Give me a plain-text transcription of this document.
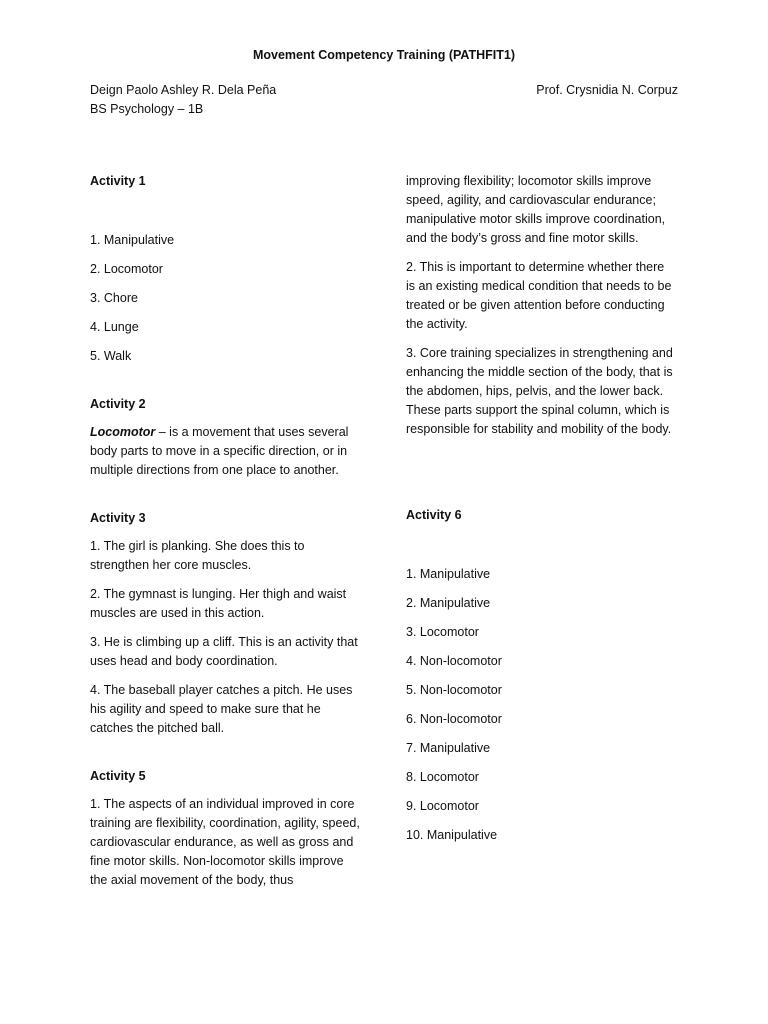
Movement Competency Training (PATHFIT1)
Deign Paolo Ashley R. Dela Peña
BS Psychology – 1B
Prof. Crysnidia N. Corpuz
Activity 1
1. Manipulative
2. Locomotor
3. Chore
4. Lunge
5. Walk
Activity 2

Locomotor – is a movement that uses several body parts to move in a specific direction, or in multiple directions from one place to another.

Activity 3

1. The girl is planking. She does this to strengthen her core muscles.

2. The gymnast is lunging. Her thigh and waist muscles are used in this action.

3. He is climbing up a cliff. This is an activity that uses head and body coordination.

4. The baseball player catches a pitch. He uses his agility and speed to make sure that he catches the pitched ball.

Activity 5

1. The aspects of an individual improved in core training are flexibility, coordination, agility, speed, cardiovascular endurance, as well as gross and fine motor skills. Non-locomotor skills improve the axial movement of the body, thus

improving flexibility; locomotor skills improve speed, agility, and cardiovascular endurance; manipulative motor skills improve coordination, and the body’s gross and fine motor skills.

2. This is important to determine whether there is an existing medical condition that needs to be treated or be given attention before conducting the activity.

3. Core training specializes in strengthening and enhancing the middle section of the body, that is the abdomen, hips, pelvis, and the lower back. These parts support the spinal column, which is responsible for stability and mobility of the body.

Activity 6
1. Manipulative
2. Manipulative
3. Locomotor
4. Non-locomotor
5. Non-locomotor
6. Non-locomotor
7. Manipulative
8. Locomotor
9. Locomotor
10. Manipulative
